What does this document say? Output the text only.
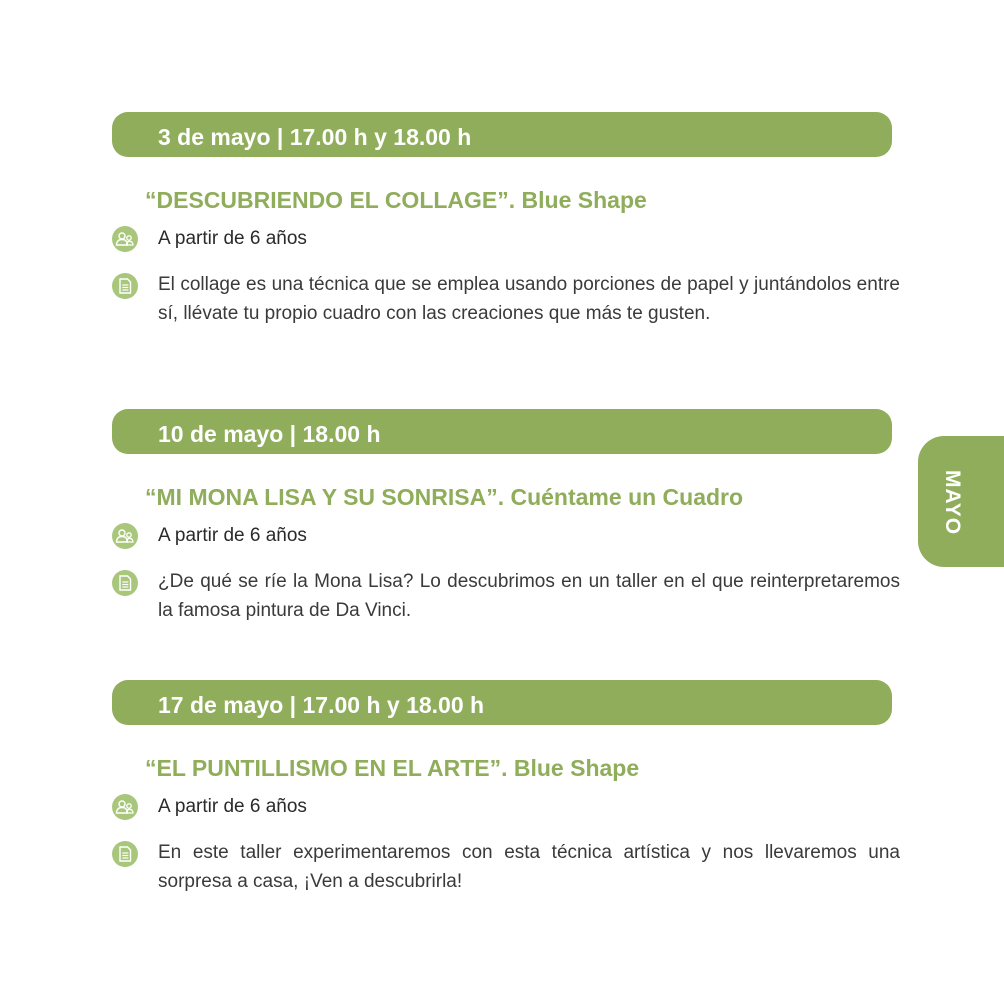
3 de mayo | 17.00 h y 18.00 h
“DESCUBRIENDO EL COLLAGE”. Blue Shape
A partir de 6 años
El collage es una técnica que se emplea usando porciones de papel y juntándolos entre sí, llévate tu propio cuadro con las creaciones que más te gusten.
10 de mayo | 18.00 h
“MI MONA LISA Y SU SONRISA”. Cuéntame un Cuadro
A partir de 6 años
¿De qué se ríe la Mona Lisa? Lo descubrimos en un taller en el que reinterpretaremos la famosa pintura de Da Vinci.
17 de mayo | 17.00 h y 18.00 h
“EL PUNTILLISMO EN EL ARTE”. Blue Shape
A partir de 6 años
En este taller experimentaremos con esta técnica artística y nos llevaremos una sorpresa a casa, ¡Ven a descubrirla!
MAYO
